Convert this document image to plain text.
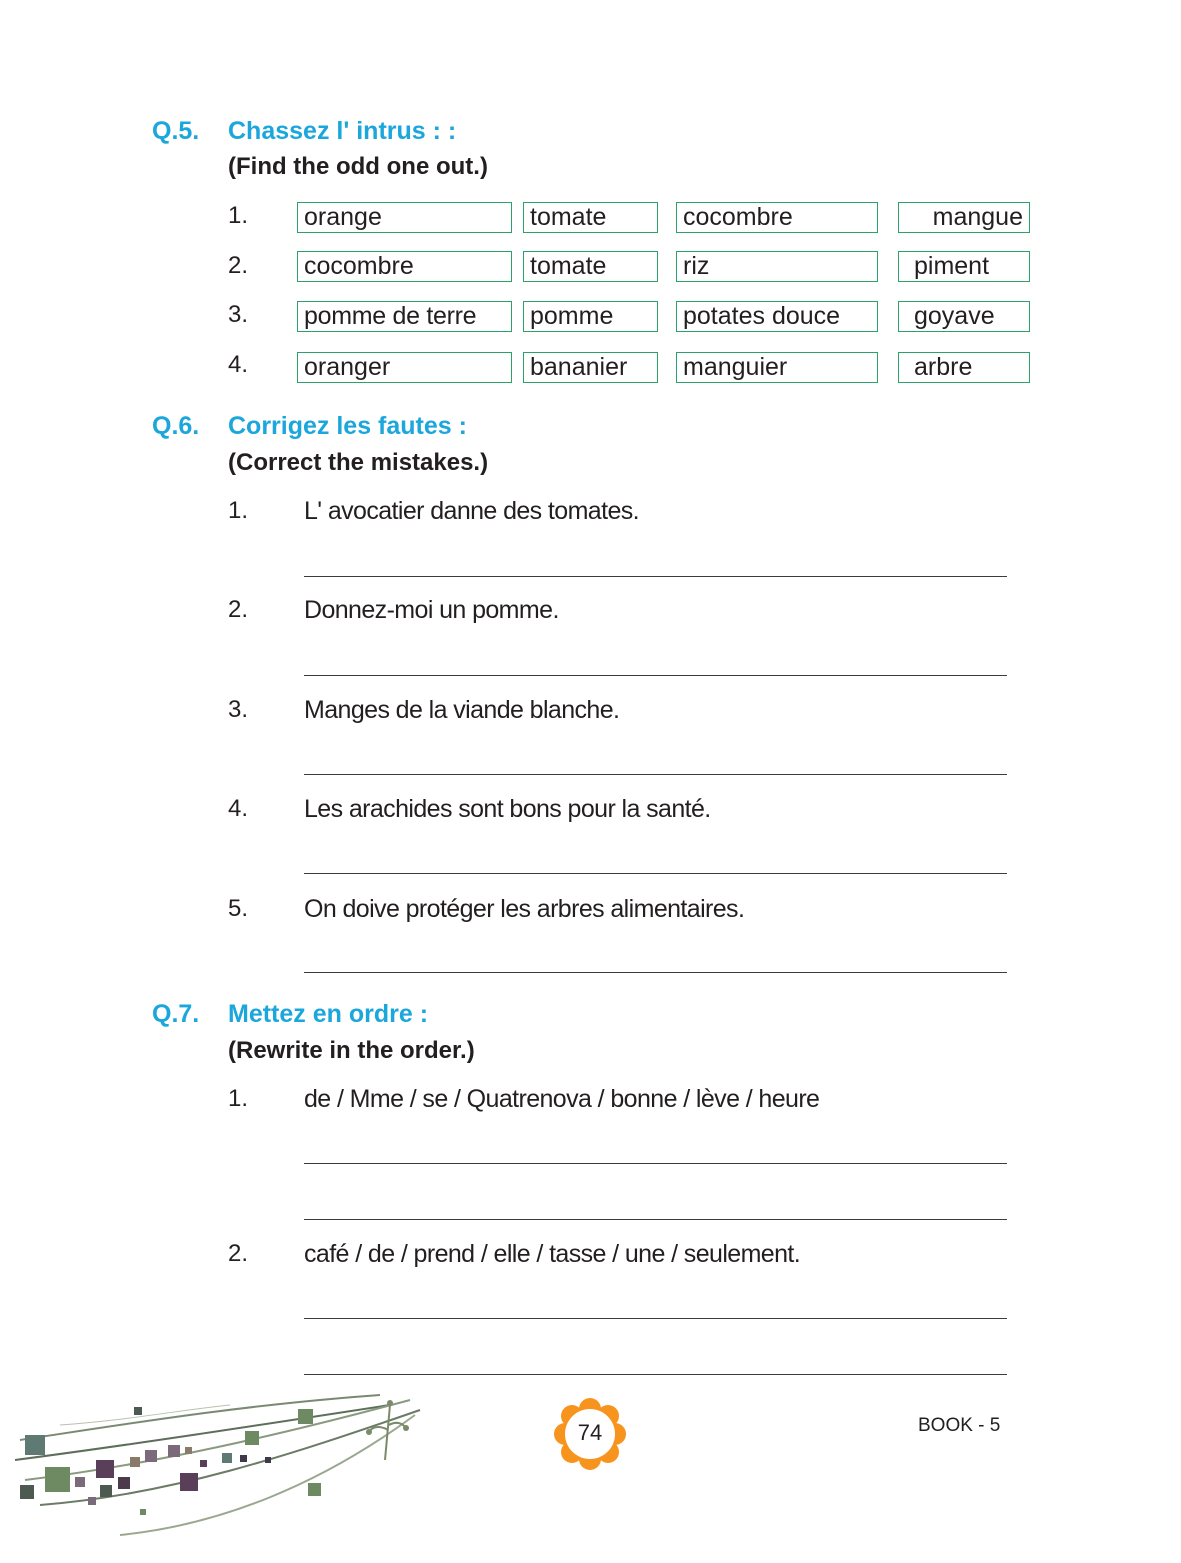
Q.5. Chassez l' intrus : :
(Find the odd one out.)
1. orange	tomate	cocombre	mangue
2. cocombre	tomate	riz	piment
3. pomme de terre	pomme	potates douce	goyave
4. oranger	bananier	manguier	arbre
Q.6. Corrigez les fautes :
(Correct the mistakes.)
1. L' avocatier danne des tomates.
2. Donnez-moi un pomme.
3. Manges de la viande blanche.
4. Les arachides sont bons pour la santé.
5. On doive protéger les arbres alimentaires.
Q.7. Mettez en ordre :
(Rewrite in the order.)
1. de / Mme / se / Quatrenova / bonne / lève / heure
2. café / de / prend / elle / tasse / une / seulement.
74	BOOK - 5
